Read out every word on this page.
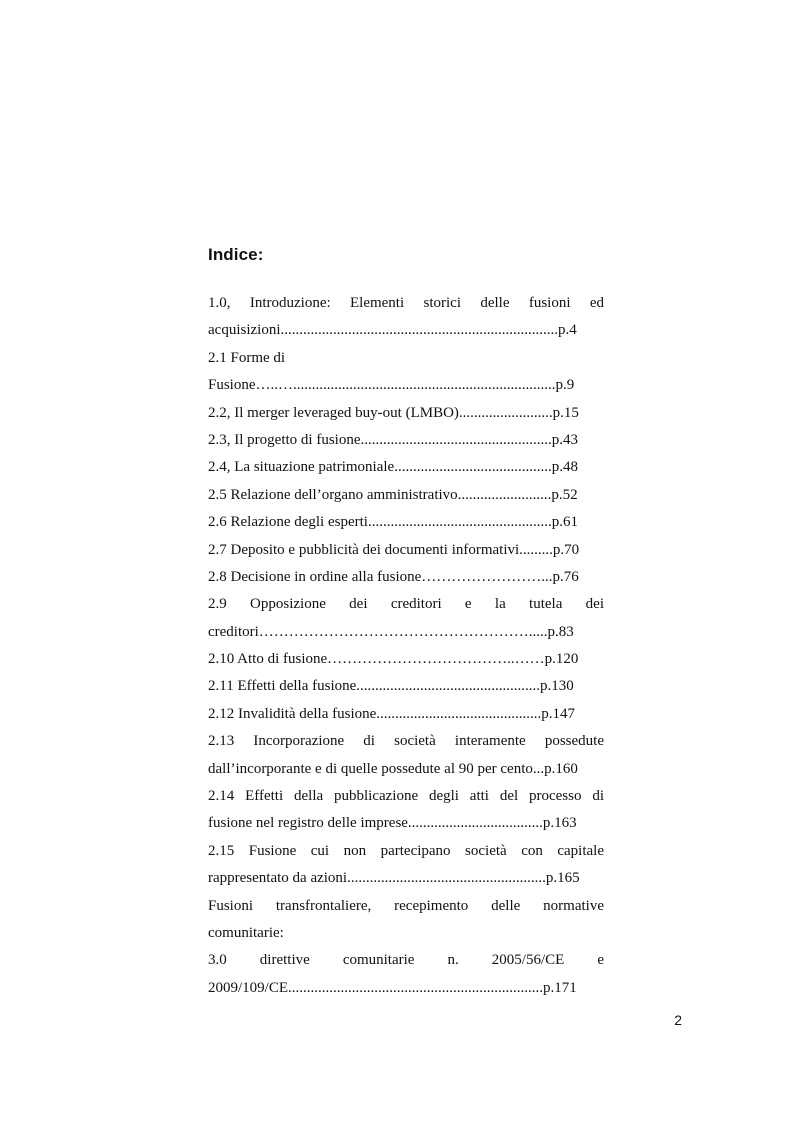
Indice:
1.0, Introduzione: Elementi storici delle fusioni ed
acquisizioni..........................................................................p.4
2.1 Forme di
Fusione…..…......................................................................p.9
2.2, Il merger leveraged buy-out (LMBO).........................p.15
2.3, Il progetto di fusione...................................................p.43
2.4, La situazione patrimoniale..........................................p.48
2.5 Relazione dell’organo amministrativo.........................p.52
2.6 Relazione degli esperti.................................................p.61
2.7 Deposito e pubblicità dei documenti informativi.........p.70
2.8 Decisione in ordine alla fusione……………………...p.76
2.9 Opposizione dei creditori e la tutela dei
creditori……………………………………………….....p.83
2.10 Atto di fusione………………………………..……p.120
2.11 Effetti della fusione.................................................p.130
2.12 Invalidità della fusione............................................p.147
2.13 Incorporazione di società interamente possedute
dall’incorporante e di quelle possedute al 90 per cento...p.160
2.14 Effetti della pubblicazione degli atti del processo di
fusione nel registro delle imprese....................................p.163
2.15 Fusione cui non partecipano società con capitale
rappresentato da azioni.....................................................p.165
Fusioni transfrontaliere, recepimento delle normative
comunitarie:
3.0 direttive comunitarie n. 2005/56/CE e
2009/109/CE....................................................................p.171
2
